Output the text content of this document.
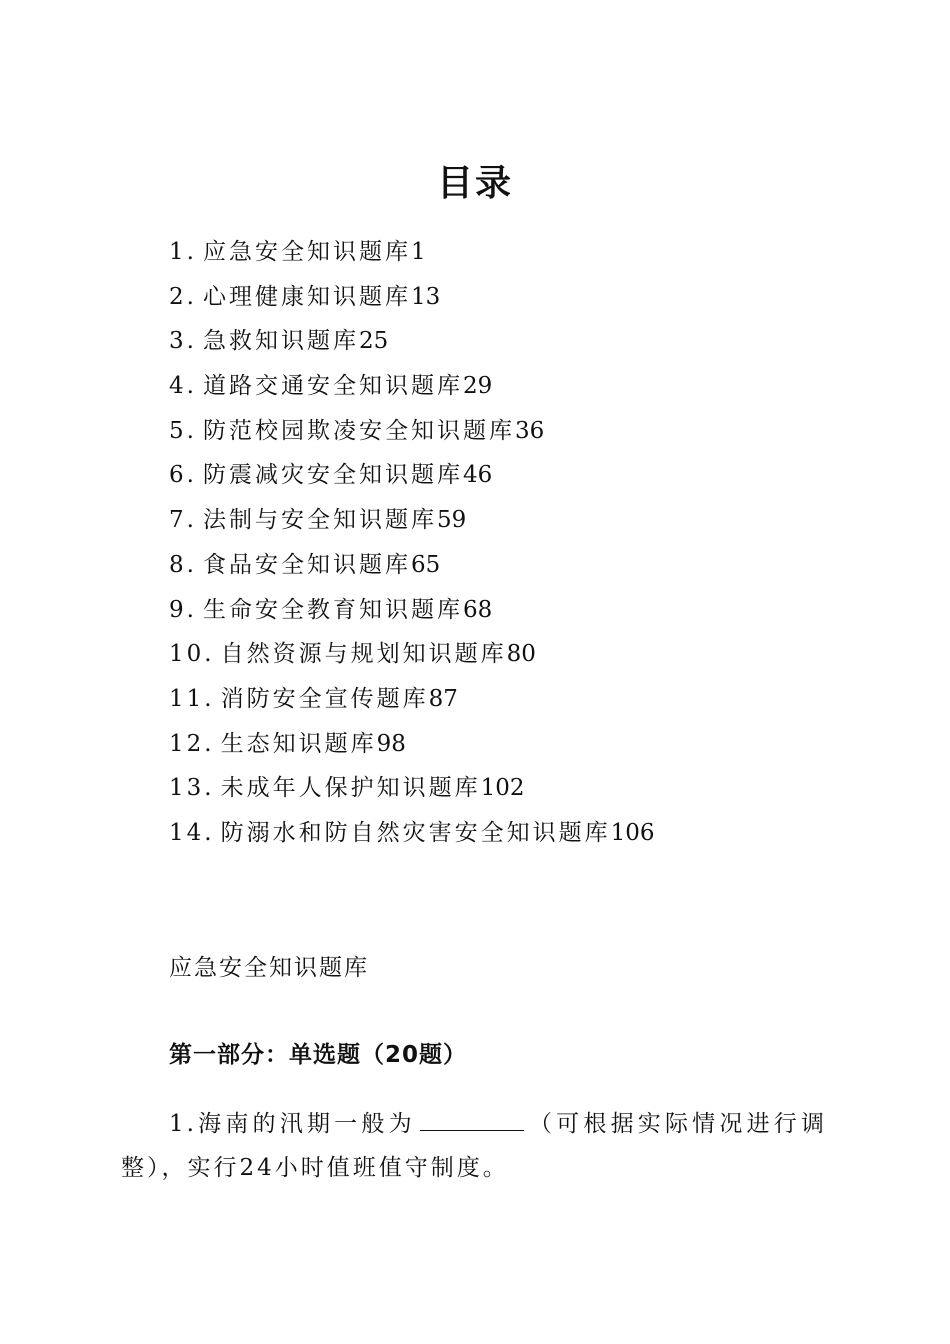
目录
1. 应急安全知识题库1
2. 心理健康知识题库13
3. 急救知识题库25
4. 道路交通安全知识题库29
5. 防范校园欺凌安全知识题库36
6. 防震减灾安全知识题库46
7. 法制与安全知识题库59
8. 食品安全知识题库65
9. 生命安全教育知识题库68
10. 自然资源与规划知识题库80
11. 消防安全宣传题库87
12. 生态知识题库98
13. 未成年人保护知识题库102
14. 防溺水和防自然灾害安全知识题库106
应急安全知识题库
第一部分：单选题（20题）

1.海南的汛期一般为	（可根据实际情况进行调整），实行24小时值班值守制度。
